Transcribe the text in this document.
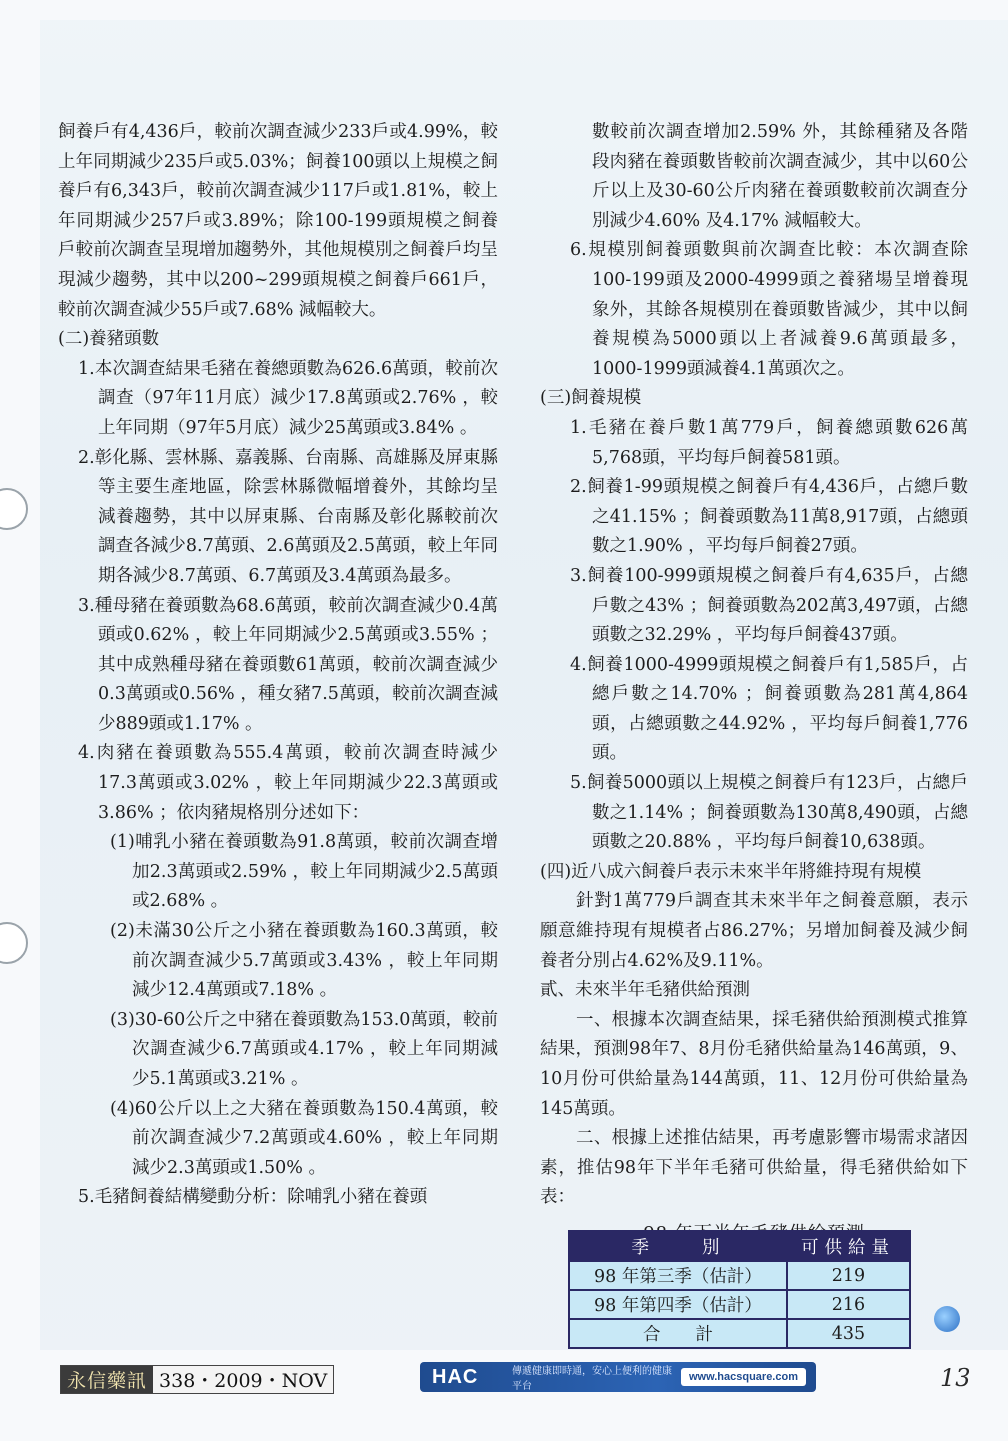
飼養戶有4,436戶，較前次調查減少233戶或4.99%，較上年同期減少235戶或5.03%；飼養100頭以上規模之飼養戶有6,343戶，較前次調查減少117戶或1.81%，較上年同期減少257戶或3.89%；除100-199頭規模之飼養戶較前次調查呈現增加趨勢外，其他規模別之飼養戶均呈現減少趨勢，其中以200~299頭規模之飼養戶661戶，較前次調查減少55戶或7.68% 減幅較大。

(二)養豬頭數

1.本次調查結果毛豬在養總頭數為626.6萬頭，較前次調查（97年11月底）減少17.8萬頭或2.76% ，較上年同期（97年5月底）減少25萬頭或3.84% 。

2.彰化縣、雲林縣、嘉義縣、台南縣、高雄縣及屏東縣等主要生產地區，除雲林縣微幅增養外，其餘均呈減養趨勢，其中以屏東縣、台南縣及彰化縣較前次調查各減少8.7萬頭、2.6萬頭及2.5萬頭，較上年同期各減少8.7萬頭、6.7萬頭及3.4萬頭為最多。

3.種母豬在養頭數為68.6萬頭，較前次調查減少0.4萬頭或0.62% ，較上年同期減少2.5萬頭或3.55% ；其中成熟種母豬在養頭數61萬頭，較前次調查減少0.3萬頭或0.56% ，種女豬7.5萬頭，較前次調查減少889頭或1.17% 。

4.肉豬在養頭數為555.4萬頭，較前次調查時減少17.3萬頭或3.02% ，較上年同期減少22.3萬頭或3.86% ；依肉豬規格別分述如下：

(1)哺乳小豬在養頭數為91.8萬頭，較前次調查增加2.3萬頭或2.59% ，較上年同期減少2.5萬頭或2.68% 。

(2)未滿30公斤之小豬在養頭數為160.3萬頭，較前次調查減少5.7萬頭或3.43% ，較上年同期減少12.4萬頭或7.18% 。

(3)30-60公斤之中豬在養頭數為153.0萬頭，較前次調查減少6.7萬頭或4.17% ，較上年同期減少5.1萬頭或3.21% 。

(4)60公斤以上之大豬在養頭數為150.4萬頭，較前次調查減少7.2萬頭或4.60% ，較上年同期減少2.3萬頭或1.50% 。

5.毛豬飼養結構變動分析：除哺乳小豬在養頭

數較前次調查增加2.59% 外，其餘種豬及各階段肉豬在養頭數皆較前次調查減少，其中以60公斤以上及30-60公斤肉豬在養頭數較前次調查分別減少4.60% 及4.17% 減幅較大。

6.規模別飼養頭數與前次調查比較：本次調查除100-199頭及2000-4999頭之養豬場呈增養現象外，其餘各規模別在養頭數皆減少，其中以飼養規模為5000頭以上者減養9.6萬頭最多，1000-1999頭減養4.1萬頭次之。

(三)飼養規模

1.毛豬在養戶數1萬779戶，飼養總頭數626萬5,768頭，平均每戶飼養581頭。

2.飼養1-99頭規模之飼養戶有4,436戶，占總戶數之41.15% ；飼養頭數為11萬8,917頭，占總頭數之1.90% ，平均每戶飼養27頭。

3.飼養100-999頭規模之飼養戶有4,635戶，占總戶數之43% ；飼養頭數為202萬3,497頭，占總頭數之32.29% ，平均每戶飼養437頭。

4.飼養1000-4999頭規模之飼養戶有1,585戶，占總戶數之14.70% ；飼養頭數為281萬4,864頭，占總頭數之44.92% ，平均每戶飼養1,776頭。

5.飼養5000頭以上規模之飼養戶有123戶，占總戶數之1.14% ；飼養頭數為130萬8,490頭，占總頭數之20.88% ，平均每戶飼養10,638頭。

(四)近八成六飼養戶表示未來半年將維持現有規模

針對1萬779戶調查其未來半年之飼養意願，表示願意維持現有規模者占86.27%；另增加飼養及減少飼養者分別占4.62%及9.11%。

貳、未來半年毛豬供給預測

一、根據本次調查結果，採毛豬供給預測模式推算結果，預測98年7、8月份毛豬供給量為146萬頭，9、10月份可供給量為144萬頭，11、12月份可供給量為145萬頭。

二、根據上述推估結果，再考慮影響市場需求諸因素，推估98年下半年毛豬可供給量，得毛豬供給如下表：

季　　別	可供給量
98 年第三季（估計）	219
98 年第四季（估計）	216
合　　計	435
永信藥訊 338・2009・NOV	HAC	傳遞健康即時通，安心上便利的健康平台
www.hacsquare.com	13
